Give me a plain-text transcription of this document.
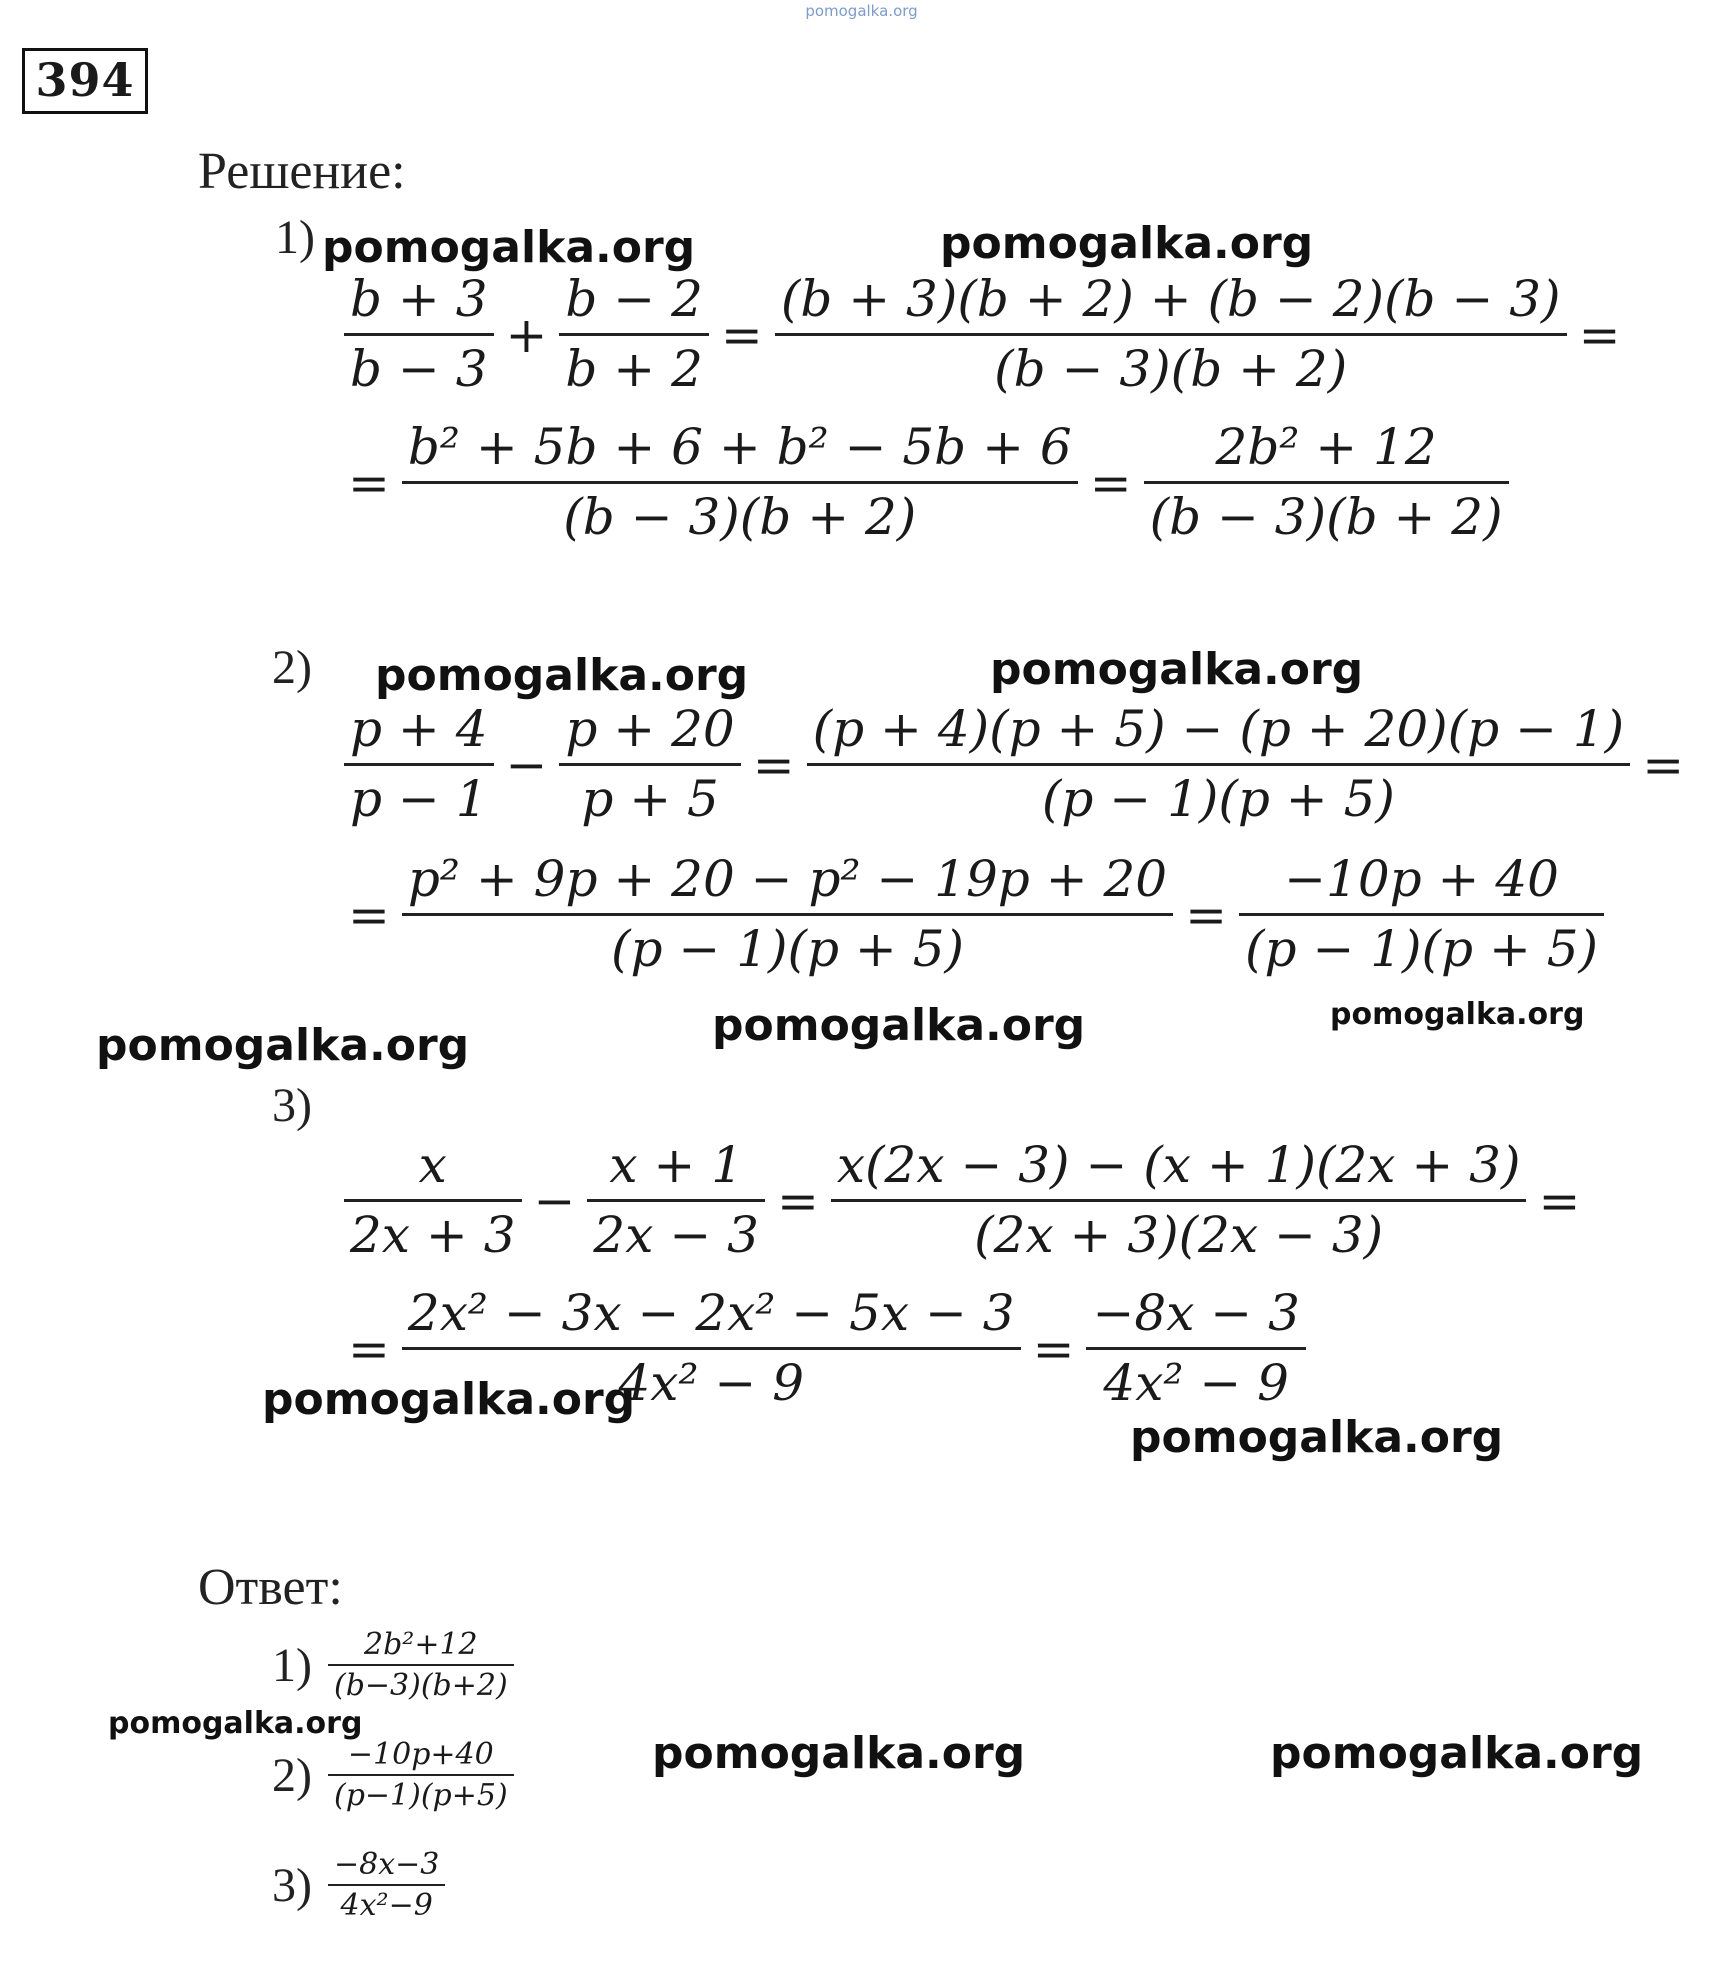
pomogalka.org
394
Решение:
1) pomogalka.org	pomogalka.org
$\frac{b + 3}{b - 3} + \frac{b - 2}{b + 2} = \frac{(b + 3)(b + 2) + (b - 2)(b - 3)}{(b - 3)(b + 2)}$ =
= $\frac{\text{b² + 5b + 6 + b² − 5b + 6}}{(b - 3)(b + 2)} = \frac{\text{2b² + 12}}{(b - 3)(b + 2)}$
2) pomogalka.org	pomogalka.org
$\frac{p + 4}{p - 1} - \frac{p + 20}{p + 5} = \frac{(p + 4)(p + 5) - (p + 20)(p - 1)}{(p - 1)(p + 5)}$ =
= $\frac{\text{p² + 9p + 20 − p² − 19p + 20}}{(p - 1)(p + 5)} = \frac{-10p + 40}{(p - 1)(p + 5)}$
pomogalka.org	pomogalka.org	pomogalka.org
3)
$\frac{x}{2x + 3} - \frac{x + 1}{2x - 3} = \frac{x(2x - 3) - (x + 1)(2x + 3)}{(2x + 3)(2x - 3)}$ =
= $\frac{\text{2x² − 3x − 2x² − 5x − 3}}{\text{4x² − 9}} = \frac{-8x - 3}{\text{4x² − 9}}$
pomogalka.org
pomogalka.org
Ответ:
$1) \frac{\text{2b²+12}}{(b-3)(b+2)}$
$2) \frac{-10p+40}{(p-1)(p+5)}$
$3) \frac{-8x-3}{\text{4x²−9}}$
pomogalka.org
pomogalka.org	pomogalka.org
